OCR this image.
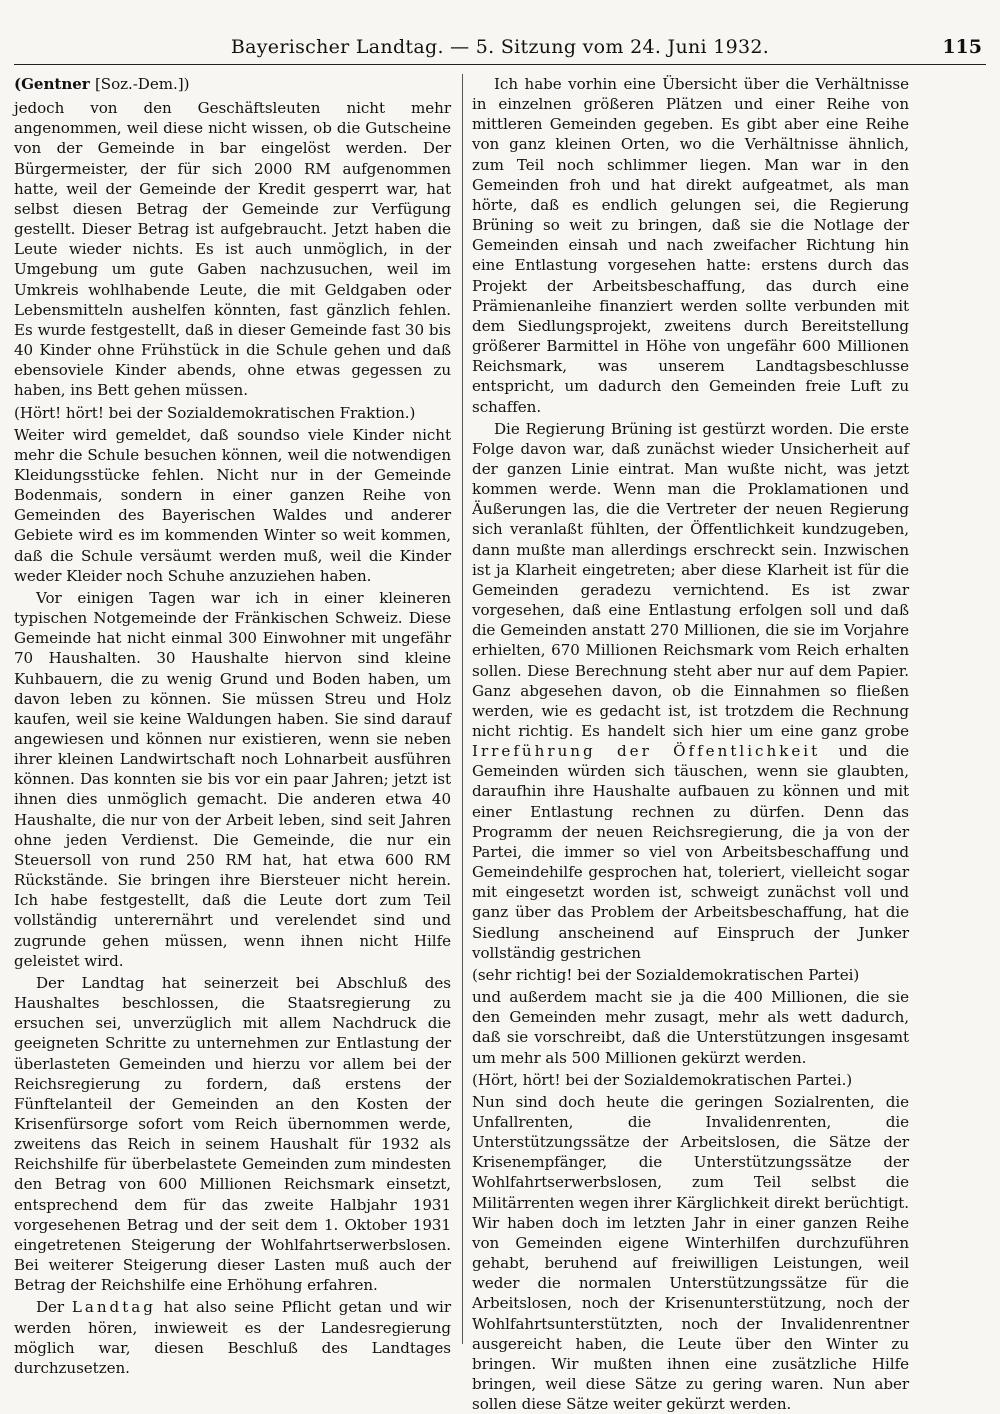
Bayerischer Landtag. — 5. Sitzung vom 24. Juni 1932.	115

(Gentner [Soz.-Dem.])

jedoch von den Geschäftsleuten nicht mehr angenommen, weil diese nicht wissen, ob die Gutscheine von der Gemeinde in bar eingelöst werden. Der Bürgermeister, der für sich 2000 RM aufgenommen hatte, weil der Gemeinde der Kredit gesperrt war, hat selbst diesen Betrag der Gemeinde zur Verfügung gestellt. Dieser Betrag ist aufgebraucht. Jetzt haben die Leute wieder nichts. Es ist auch unmöglich, in der Umgebung um gute Gaben nachzusuchen, weil im Umkreis wohlhabende Leute, die mit Geldgaben oder Lebensmitteln aushelfen könnten, fast gänzlich fehlen. Es wurde festgestellt, daß in dieser Gemeinde fast 30 bis 40 Kinder ohne Frühstück in die Schule gehen und daß ebensoviele Kinder abends, ohne etwas gegessen zu haben, ins Bett gehen müssen.

(Hört! hört! bei der Sozialdemokratischen Fraktion.)

Weiter wird gemeldet, daß soundso viele Kinder nicht mehr die Schule besuchen können, weil die notwendigen Kleidungsstücke fehlen. Nicht nur in der Gemeinde Bodenmais, sondern in einer ganzen Reihe von Gemeinden des Bayerischen Waldes und anderer Gebiete wird es im kommenden Winter so weit kommen, daß die Schule versäumt werden muß, weil die Kinder weder Kleider noch Schuhe anzuziehen haben.

Vor einigen Tagen war ich in einer kleineren typischen Notgemeinde der Fränkischen Schweiz. Diese Gemeinde hat nicht einmal 300 Einwohner mit ungefähr 70 Haushalten. 30 Haushalte hiervon sind kleine Kuhbauern, die zu wenig Grund und Boden haben, um davon leben zu können. Sie müssen Streu und Holz kaufen, weil sie keine Waldungen haben. Sie sind darauf angewiesen und können nur existieren, wenn sie neben ihrer kleinen Landwirtschaft noch Lohnarbeit ausführen können. Das konnten sie bis vor ein paar Jahren; jetzt ist ihnen dies unmöglich gemacht. Die anderen etwa 40 Haushalte, die nur von der Arbeit leben, sind seit Jahren ohne jeden Verdienst. Die Gemeinde, die nur ein Steuersoll von rund 250 RM hat, hat etwa 600 RM Rückstände. Sie bringen ihre Biersteuer nicht herein. Ich habe festgestellt, daß die Leute dort zum Teil vollständig unterernährt und verelendet sind und zugrunde gehen müssen, wenn ihnen nicht Hilfe geleistet wird.

Der Landtag hat seinerzeit bei Abschluß des Haushaltes beschlossen, die Staatsregierung zu ersuchen sei, unverzüglich mit allem Nachdruck die geeigneten Schritte zu unternehmen zur Entlastung der überlasteten Gemeinden und hierzu vor allem bei der Reichsregierung zu fordern, daß erstens der Fünftelanteil der Gemeinden an den Kosten der Krisenfürsorge sofort vom Reich übernommen werde, zweitens das Reich in seinem Haushalt für 1932 als Reichshilfe für überbelastete Gemeinden zum mindesten den Betrag von 600 Millionen Reichsmark einsetzt, entsprechend dem für das zweite Halbjahr 1931 vorgesehenen Betrag und der seit dem 1. Oktober 1931 eingetretenen Steigerung der Wohlfahrtserwerbslosen. Bei weiterer Steigerung dieser Lasten muß auch der Betrag der Reichshilfe eine Erhöhung erfahren.

Der Landtag hat also seine Pflicht getan und wir werden hören, inwieweit es der Landesregierung möglich war, diesen Beschluß des Landtages durchzusetzen.

Ich habe vorhin eine Übersicht über die Verhältnisse in einzelnen größeren Plätzen und einer Reihe von mittleren Gemeinden gegeben. Es gibt aber eine Reihe von ganz kleinen Orten, wo die Verhältnisse ähnlich, zum Teil noch schlimmer liegen. Man war in den Gemeinden froh und hat direkt aufgeatmet, als man hörte, daß es endlich gelungen sei, die Regierung Brüning so weit zu bringen, daß sie die Notlage der Gemeinden einsah und nach zweifacher Richtung hin eine Entlastung vorgesehen hatte: erstens durch das Projekt der Arbeitsbeschaffung, das durch eine Prämienanleihe finanziert werden sollte verbunden mit dem Siedlungsprojekt, zweitens durch Bereitstellung größerer Barmittel in Höhe von ungefähr 600 Millionen Reichsmark, was unserem Landtagsbeschlusse entspricht, um dadurch den Gemeinden freie Luft zu schaffen.

Die Regierung Brüning ist gestürzt worden. Die erste Folge davon war, daß zunächst wieder Unsicherheit auf der ganzen Linie eintrat. Man wußte nicht, was jetzt kommen werde. Wenn man die Proklamationen und Äußerungen las, die die Vertreter der neuen Regierung sich veranlaßt fühlten, der Öffentlichkeit kundzugeben, dann mußte man allerdings erschreckt sein. Inzwischen ist ja Klarheit eingetreten; aber diese Klarheit ist für die Gemeinden geradezu vernichtend. Es ist zwar vorgesehen, daß eine Entlastung erfolgen soll und daß die Gemeinden anstatt 270 Millionen, die sie im Vorjahre erhielten, 670 Millionen Reichsmark vom Reich erhalten sollen. Diese Berechnung steht aber nur auf dem Papier. Ganz abgesehen davon, ob die Einnahmen so fließen werden, wie es gedacht ist, ist trotzdem die Rechnung nicht richtig. Es handelt sich hier um eine ganz grobe Irreführung der Öffentlichkeit und die Gemeinden würden sich täuschen, wenn sie glaubten, daraufhin ihre Haushalte aufbauen zu können und mit einer Entlastung rechnen zu dürfen. Denn das Programm der neuen Reichsregierung, die ja von der Partei, die immer so viel von Arbeitsbeschaffung und Gemeindehilfe gesprochen hat, toleriert, vielleicht sogar mit eingesetzt worden ist, schweigt zunächst voll und ganz über das Problem der Arbeitsbeschaffung, hat die Siedlung anscheinend auf Einspruch der Junker vollständig gestrichen

(sehr richtig! bei der Sozialdemokratischen Partei)

und außerdem macht sie ja die 400 Millionen, die sie den Gemeinden mehr zusagt, mehr als wett dadurch, daß sie vorschreibt, daß die Unterstützungen insgesamt um mehr als 500 Millionen gekürzt werden.

(Hört, hört! bei der Sozialdemokratischen Partei.)

Nun sind doch heute die geringen Sozialrenten, die Unfallrenten, die Invalidenrenten, die Unterstützungssätze der Arbeitslosen, die Sätze der Krisenempfänger, die Unterstützungssätze der Wohlfahrtserwerbslosen, zum Teil selbst die Militärrenten wegen ihrer Kärglichkeit direkt berüchtigt. Wir haben doch im letzten Jahr in einer ganzen Reihe von Gemeinden eigene Winterhilfen durchzuführen gehabt, beruhend auf freiwilligen Leistungen, weil weder die normalen Unterstützungssätze für die Arbeitslosen, noch der Krisenunterstützung, noch der Wohlfahrtsunterstützten, noch der Invalidenrentner ausgereicht haben, die Leute über den Winter zu bringen. Wir mußten ihnen eine zusätzliche Hilfe bringen, weil diese Sätze zu gering waren. Nun aber sollen diese Sätze weiter gekürzt werden.
